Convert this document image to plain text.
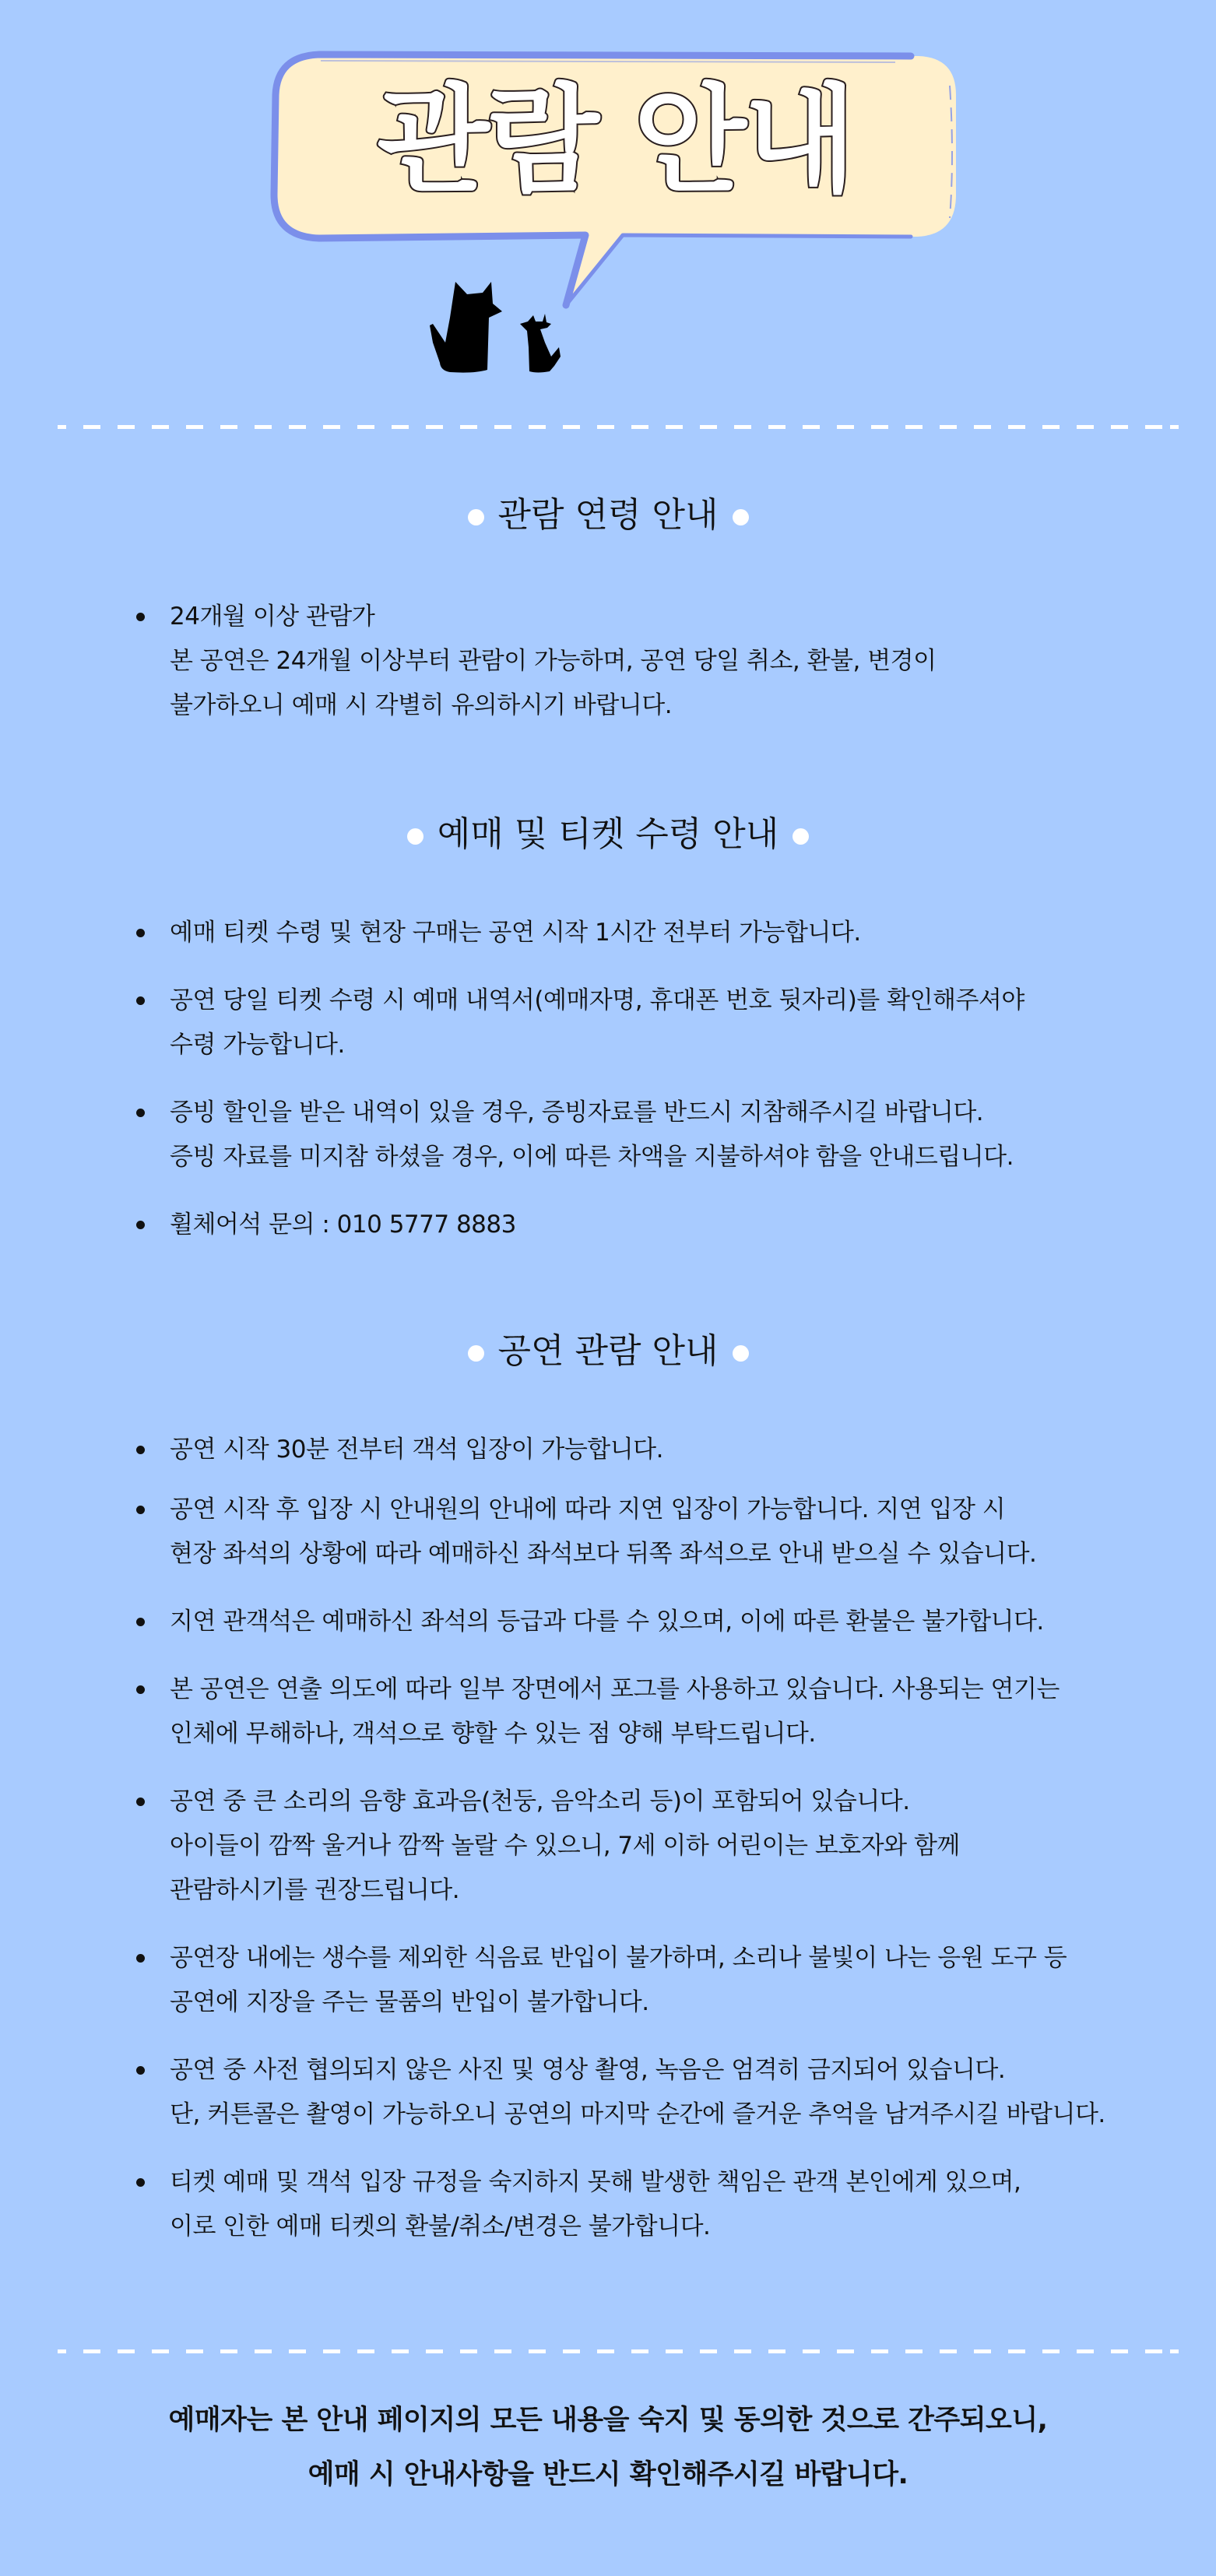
관람 안내
관람 연령 안내
24개월 이상 관람가
본 공연은 24개월 이상부터 관람이 가능하며, 공연 당일 취소, 환불, 변경이
불가하오니 예매 시 각별히 유의하시기 바랍니다.
예매 및 티켓 수령 안내
예매 티켓 수령 및 현장 구매는 공연 시작 1시간 전부터 가능합니다.
공연 당일 티켓 수령 시 예매 내역서(예매자명, 휴대폰 번호 뒷자리)를 확인해주셔야
수령 가능합니다.
증빙 할인을 받은 내역이 있을 경우, 증빙자료를 반드시 지참해주시길 바랍니다.
증빙 자료를 미지참 하셨을 경우, 이에 따른 차액을 지불하셔야 함을 안내드립니다.
휠체어석 문의 : 010 5777 8883
공연 관람 안내
공연 시작 30분 전부터 객석 입장이 가능합니다.
공연 시작 후 입장 시 안내원의 안내에 따라 지연 입장이 가능합니다. 지연 입장 시
현장 좌석의 상황에 따라 예매하신 좌석보다 뒤쪽 좌석으로 안내 받으실 수 있습니다.
지연 관객석은 예매하신 좌석의 등급과 다를 수 있으며, 이에 따른 환불은 불가합니다.
본 공연은 연출 의도에 따라 일부 장면에서 포그를 사용하고 있습니다. 사용되는 연기는
인체에 무해하나, 객석으로 향할 수 있는 점 양해 부탁드립니다.
공연 중 큰 소리의 음향 효과음(천둥, 음악소리 등)이 포함되어 있습니다.
아이들이 깜짝 울거나 깜짝 놀랄 수 있으니, 7세 이하 어린이는 보호자와 함께
관람하시기를 권장드립니다.
공연장 내에는 생수를 제외한 식음료 반입이 불가하며, 소리나 불빛이 나는 응원 도구 등
공연에 지장을 주는 물품의 반입이 불가합니다.
공연 중 사전 협의되지 않은 사진 및 영상 촬영, 녹음은 엄격히 금지되어 있습니다.
단, 커튼콜은 촬영이 가능하오니 공연의 마지막 순간에 즐거운 추억을 남겨주시길 바랍니다.
티켓 예매 및 객석 입장 규정을 숙지하지 못해 발생한 책임은 관객 본인에게 있으며,
이로 인한 예매 티켓의 환불/취소/변경은 불가합니다.
예매자는 본 안내 페이지의 모든 내용을 숙지 및 동의한 것으로 간주되오니,
예매 시 안내사항을 반드시 확인해주시길 바랍니다.
